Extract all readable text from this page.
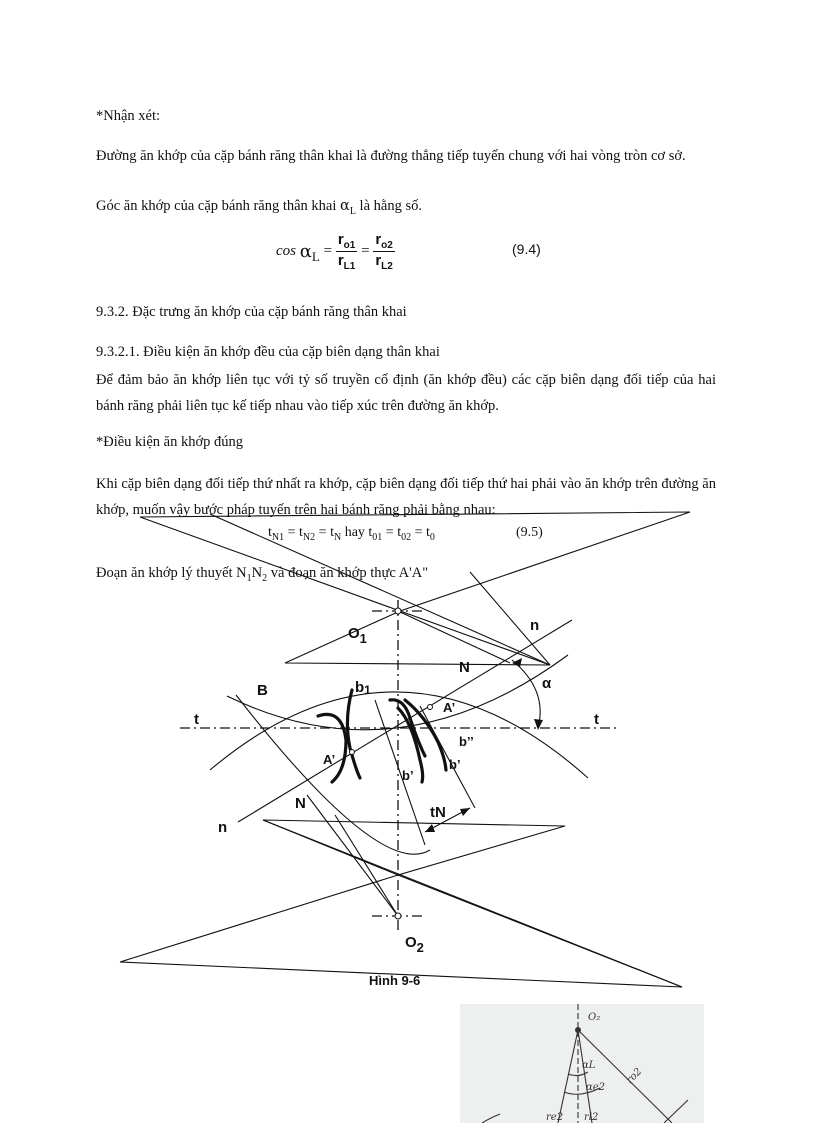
*Nhận xét:
Đường ăn khớp của cặp bánh răng thân khai là đường thẳng tiếp tuyến chung với hai vòng tròn cơ sở.
Góc ăn khớp của cặp bánh răng thân khai $\alpha_L$ là hằng số.
$\cos \alpha_L = \frac{r_{o1}}{r_{L1}} = \frac{r_{o2}}{r_{L2}}$	(9.4)
9.3.2. Đặc trưng ăn khớp của cặp bánh răng thân khai
9.3.2.1. Điều kiện ăn khớp đều của cặp biên dạng thân khai
Để đảm bảo ăn khớp liên tục với tỷ số truyền cố định (ăn khớp đều) các cặp biên dạng đối tiếp của hai bánh răng phải liên tục kế tiếp nhau vào tiếp xúc trên đường ăn khớp.
*Điều kiện ăn khớp đúng
Khi cặp biên dạng đối tiếp thứ nhất ra khớp, cặp biên dạng đối tiếp thứ hai phải vào ăn khớp trên đường ăn khớp, muốn vậy bước pháp tuyến trên hai bánh răng phải bằng nhau:
$t_{N1} = t_{N2} = t_N$ hay $t_{01} = t_{02} = t_0$	(9.5)
Đoạn ăn khớp lý thuyết $N_1N_2$ và đoạn ăn khớp thực A'A"
O1
n
N
α
B	b1
t	t
A’
A’
b’’
b’
b’
N
tN
n
O2
Hình 9-6
O₂
αL
αe2
ro2
re2 rl2
